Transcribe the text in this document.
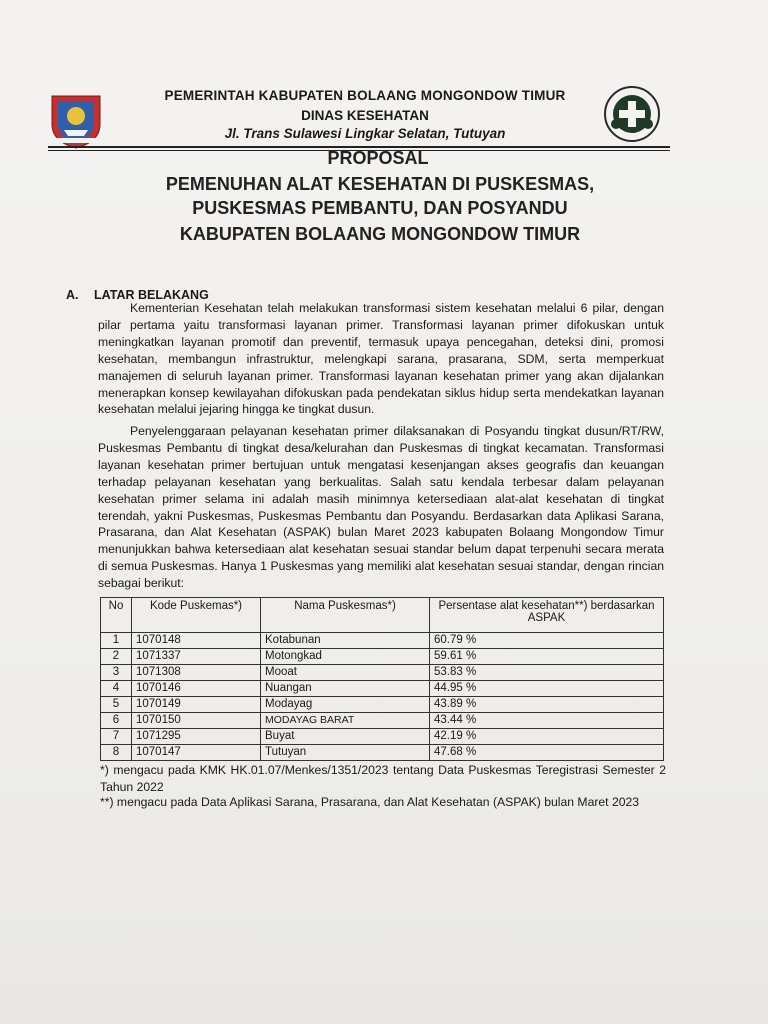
PEMERINTAH KABUPATEN BOLAANG MONGONDOW TIMUR
DINAS KESEHATAN
Jl. Trans Sulawesi Lingkar Selatan, Tutuyan
PROPOSAL
PEMENUHAN ALAT KESEHATAN DI PUSKESMAS,
PUSKESMAS PEMBANTU, DAN POSYANDU
KABUPATEN BOLAANG MONGONDOW TIMUR
A. LATAR BELAKANG
Kementerian Kesehatan telah melakukan transformasi sistem kesehatan melalui 6 pilar, dengan pilar pertama yaitu transformasi layanan primer. Transformasi layanan primer difokuskan untuk meningkatkan layanan promotif dan preventif, termasuk upaya pencegahan, deteksi dini, promosi kesehatan, membangun infrastruktur, melengkapi sarana, prasarana, SDM, serta memperkuat manajemen di seluruh layanan primer. Transformasi layanan kesehatan primer yang akan dijalankan menerapkan konsep kewilayahan difokuskan pada pendekatan siklus hidup serta mendekatkan layanan kesehatan melalui jejaring hingga ke tingkat dusun.
Penyelenggaraan pelayanan kesehatan primer dilaksanakan di Posyandu tingkat dusun/RT/RW, Puskesmas Pembantu di tingkat desa/kelurahan dan Puskesmas di tingkat kecamatan. Transformasi layanan kesehatan primer bertujuan untuk mengatasi kesenjangan akses geografis dan keuangan terhadap pelayanan kesehatan yang berkualitas. Salah satu kendala terbesar dalam pelayanan kesehatan primer selama ini adalah masih minimnya ketersediaan alat-alat kesehatan di tingkat terendah, yakni Puskesmas, Puskesmas Pembantu dan Posyandu. Berdasarkan data Aplikasi Sarana, Prasarana, dan Alat Kesehatan (ASPAK) bulan Maret 2023 kabupaten Bolaang Mongondow Timur menunjukkan bahwa ketersediaan alat kesehatan sesuai standar belum dapat terpenuhi secara merata di semua Puskesmas. Hanya 1 Puskesmas yang memiliki alat kesehatan sesuai standar, dengan rincian sebagai berikut:
No	Kode Puskemas*)	Nama Puskesmas*)	Persentase alat kesehatan**) berdasarkan ASPAK
1	1070148	Kotabunan	60.79 %
2	1071337	Motongkad	59.61 %
3	1071308	Mooat	53.83 %
4	1070146	Nuangan	44.95 %
5	1070149	Modayag	43.89 %
6	1070150	MODAYAG BARAT	43.44 %
7	1071295	Buyat	42.19 %
8	1070147	Tutuyan	47.68 %
*) mengacu pada KMK HK.01.07/Menkes/1351/2023 tentang Data Puskesmas Teregistrasi Semester 2 Tahun 2022
**) mengacu pada Data Aplikasi Sarana, Prasarana, dan Alat Kesehatan (ASPAK) bulan Maret 2023
